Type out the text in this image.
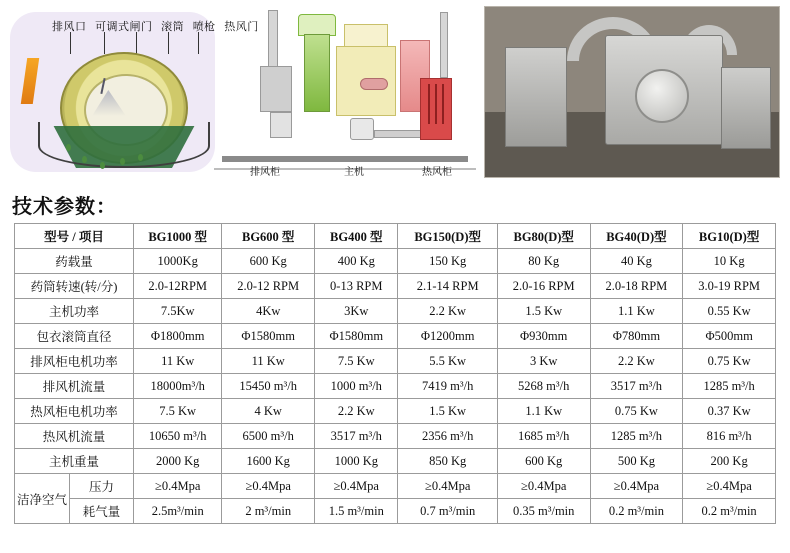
排风口 可调式闸门 滚筒 喷枪 热风门
排风柜	主机	热风柜
技术参数：
型号 / 项目		BG1000 型	BG600 型	BG400 型	BG150(D)型	BG80(D)型	BG40(D)型	BG10(D)型
药载量		1000Kg	600 Kg	400 Kg	150 Kg	80 Kg	40 Kg	10 Kg
药筒转速(转/分)		2.0-12RPM	2.0-12 RPM	0-13 RPM	2.1-14 RPM	2.0-16 RPM	2.0-18 RPM	3.0-19 RPM
主机功率		7.5Kw	4Kw	3Kw	2.2 Kw	1.5 Kw	1.1 Kw	0.55 Kw
包衣滚筒直径		Φ1800mm	Φ1580mm	Φ1580mm	Φ1200mm	Φ930mm	Φ780mm	Φ500mm
排风柜电机功率		11 Kw	11 Kw	7.5 Kw	5.5 Kw	3 Kw	2.2 Kw	0.75 Kw
排风机流量		18000m³/h	15450 m³/h	1000 m³/h	7419 m³/h	5268 m³/h	3517 m³/h	1285 m³/h
热风柜电机功率		7.5 Kw	4 Kw	2.2 Kw	1.5 Kw	1.1 Kw	0.75 Kw	0.37 Kw
热风机流量		10650 m³/h	6500 m³/h	3517 m³/h	2356 m³/h	1685 m³/h	1285 m³/h	816 m³/h
主机重量		2000 Kg	1600 Kg	1000 Kg	850 Kg	600 Kg	500 Kg	200 Kg
洁净空气	压力	≥0.4Mpa	≥0.4Mpa	≥0.4Mpa	≥0.4Mpa	≥0.4Mpa	≥0.4Mpa	≥0.4Mpa
	耗气量	2.5m³/min	2 m³/min	1.5 m³/min	0.7 m³/min	0.35 m³/min	0.2 m³/min	0.2 m³/min
